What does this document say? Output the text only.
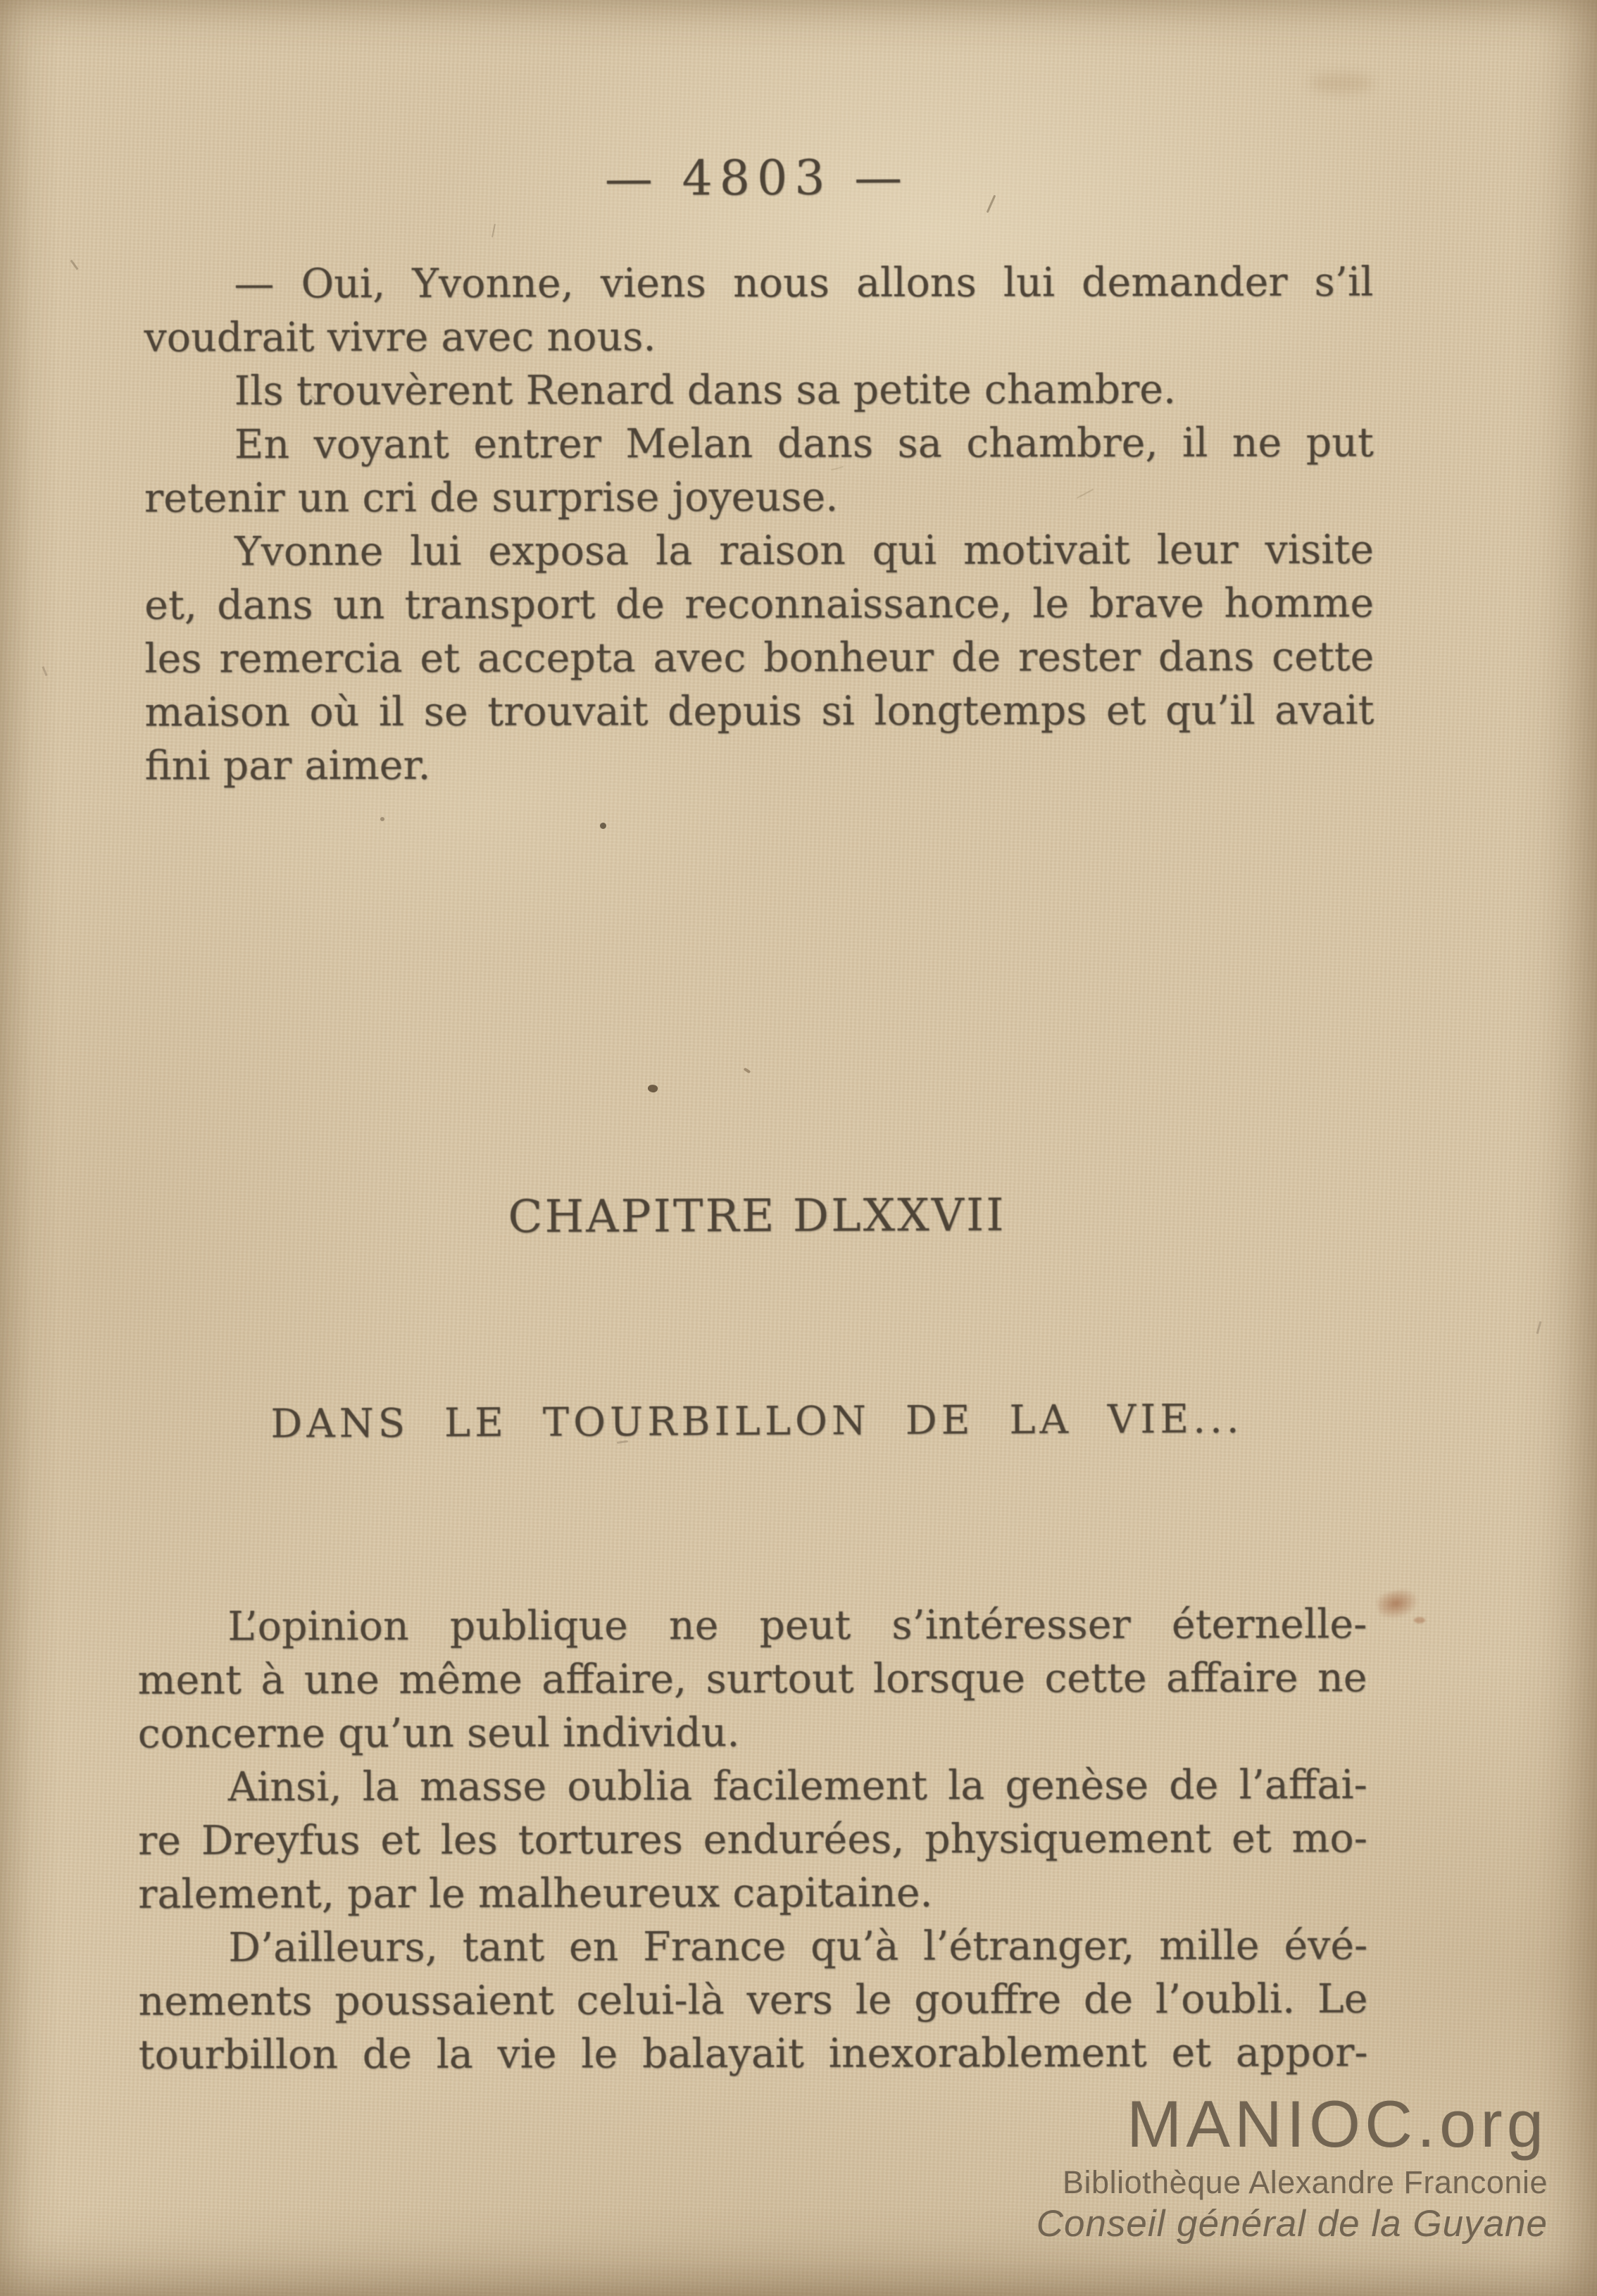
— 4803 —

— Oui, Yvonne, viens nous allons lui demander s’il
voudrait vivre avec nous.

Ils trouvèrent Renard dans sa petite chambre.

En voyant entrer Melan dans sa chambre, il ne put
retenir un cri de surprise joyeuse.

Yvonne lui exposa la raison qui motivait leur visite
et, dans un transport de reconnaissance, le brave homme
les remercia et accepta avec bonheur de rester dans cette
maison où il se trouvait depuis si longtemps et qu’il avait
fini par aimer.

CHAPITRE DLXXVII
DANS LE TOURBILLON DE LA VIE...

L’opinion publique ne peut s’intéresser éternelle-
ment à une même affaire, surtout lorsque cette affaire ne
concerne qu’un seul individu.

Ainsi, la masse oublia facilement la genèse de l’affai-
re Dreyfus et les tortures endurées, physiquement et mo-
ralement, par le malheureux capitaine.

D’ailleurs, tant en France qu’à l’étranger, mille évé-
nements poussaient celui-là vers le gouffre de l’oubli. Le
tourbillon de la vie le balayait inexorablement et appor-

MANIOC.org
Bibliothèque Alexandre Franconie
Conseil général de la Guyane
